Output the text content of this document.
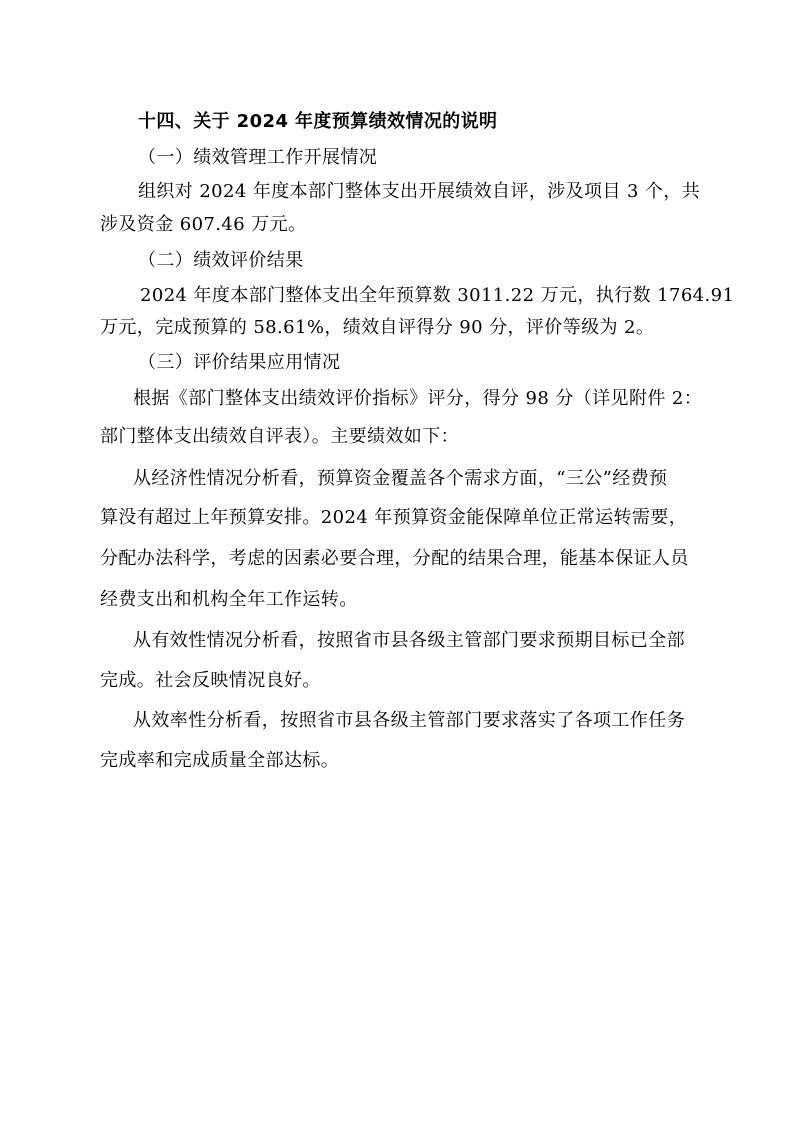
十四、关于 2024 年度预算绩效情况的说明
（一）绩效管理工作开展情况
组织对 2024 年度本部门整体支出开展绩效自评，涉及项目 3 个，共
涉及资金 607.46 万元。
（二）绩效评价结果
2024 年度本部门整体支出全年预算数 3011.22 万元，执行数 1764.91
万元，完成预算的 58.61%，绩效自评得分 90 分，评价等级为 2。
（三）评价结果应用情况
根据《部门整体支出绩效评价指标》评分，得分 98 分（详见附件 2：
部门整体支出绩效自评表）。主要绩效如下：
从经济性情况分析看，预算资金覆盖各个需求方面，“三公”经费预
算没有超过上年预算安排。2024 年预算资金能保障单位正常运转需要，
分配办法科学，考虑的因素必要合理，分配的结果合理，能基本保证人员
经费支出和机构全年工作运转。
从有效性情况分析看，按照省市县各级主管部门要求预期目标已全部
完成。社会反映情况良好。
从效率性分析看，按照省市县各级主管部门要求落实了各项工作任务
完成率和完成质量全部达标。
